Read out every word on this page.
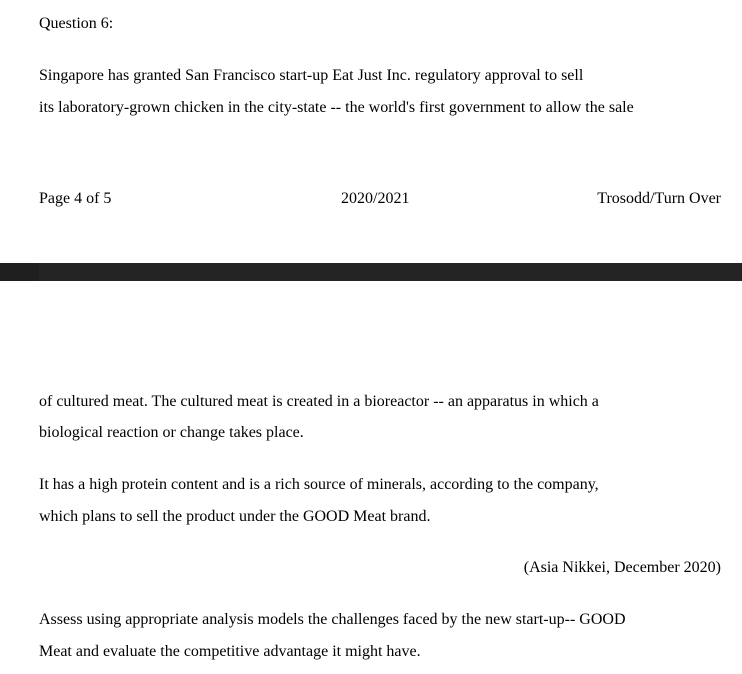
Question 6:
Singapore has granted San Francisco start-up Eat Just Inc. regulatory approval to sell
its laboratory-grown chicken in the city-state -- the world's first government to allow the sale
Page 4 of 5	2020/2021	Trosodd/Turn Over
of cultured meat. The cultured meat is created in a bioreactor -- an apparatus in which a
biological reaction or change takes place.
It has a high protein content and is a rich source of minerals, according to the company,
which plans to sell the product under the GOOD Meat brand.
(Asia Nikkei, December 2020)
Assess using appropriate analysis models the challenges faced by the new start-up-- GOOD
Meat and evaluate the competitive advantage it might have.
